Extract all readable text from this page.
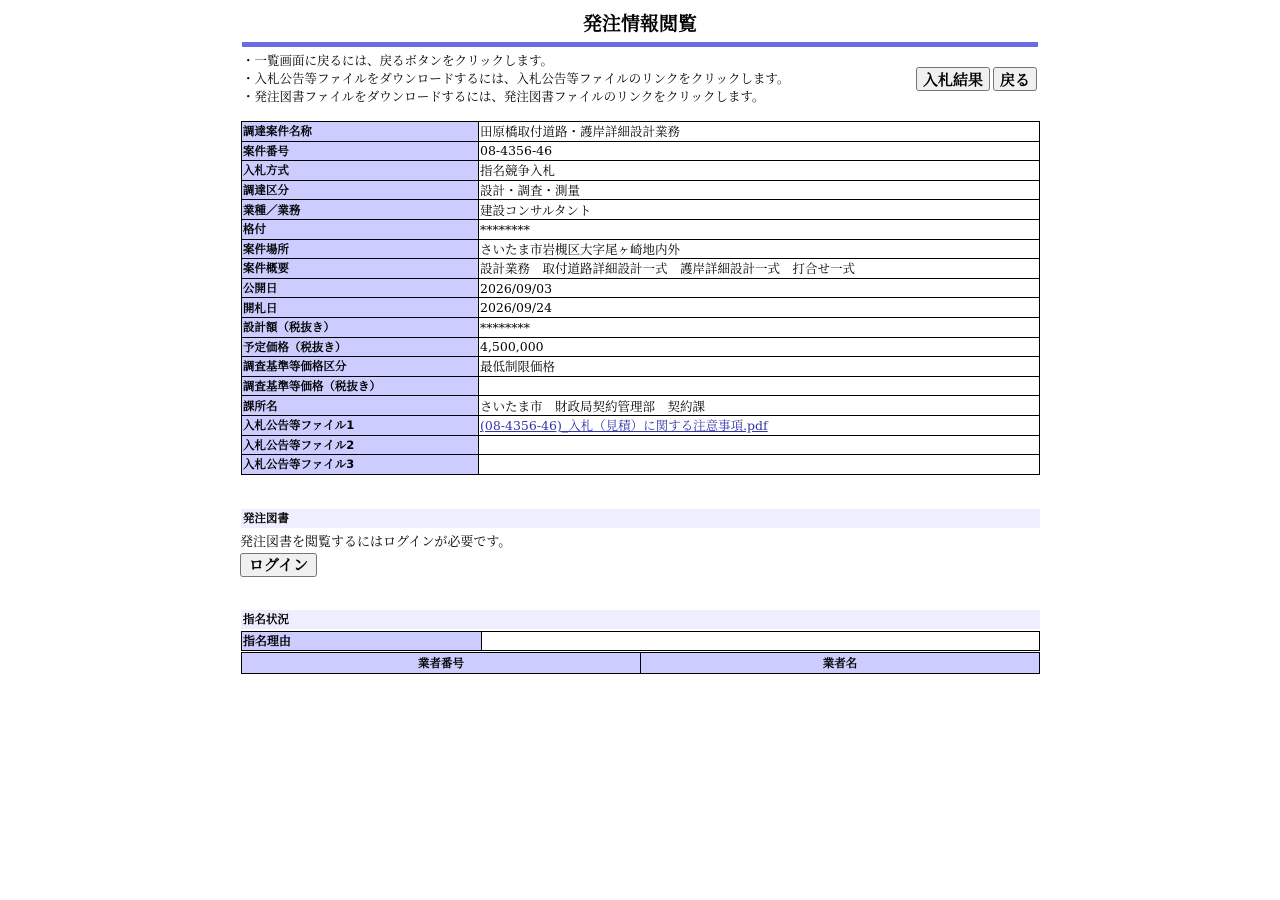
発注情報閲覧
・一覧画面に戻るには、戻るボタンをクリックします。
・入札公告等ファイルをダウンロードするには、入札公告等ファイルのリンクをクリックします。
・発注図書ファイルをダウンロードするには、発注図書ファイルのリンクをクリックします。
入札結果	戻る
調達案件名称	田原橋取付道路・護岸詳細設計業務
案件番号	08-4356-46
入札方式	指名競争入札
調達区分	設計・調査・測量
業種／業務	建設コンサルタント
格付	********
案件場所	さいたま市岩槻区大字尾ヶ崎地内外
案件概要	設計業務　取付道路詳細設計一式　護岸詳細設計一式　打合せ一式
公開日	2026/09/03
開札日	2026/09/24
設計額（税抜き）	********
予定価格（税抜き）	4,500,000
調査基準等価格区分	最低制限価格
調査基準等価格（税抜き）	
課所名	さいたま市　財政局契約管理部　契約課
入札公告等ファイル1	(08-4356-46)_入札（見積）に関する注意事項.pdf
入札公告等ファイル2	
入札公告等ファイル3	
発注図書
発注図書を閲覧するにはログインが必要です。
ログイン
指名状況
指名理由	
業者番号	業者名
